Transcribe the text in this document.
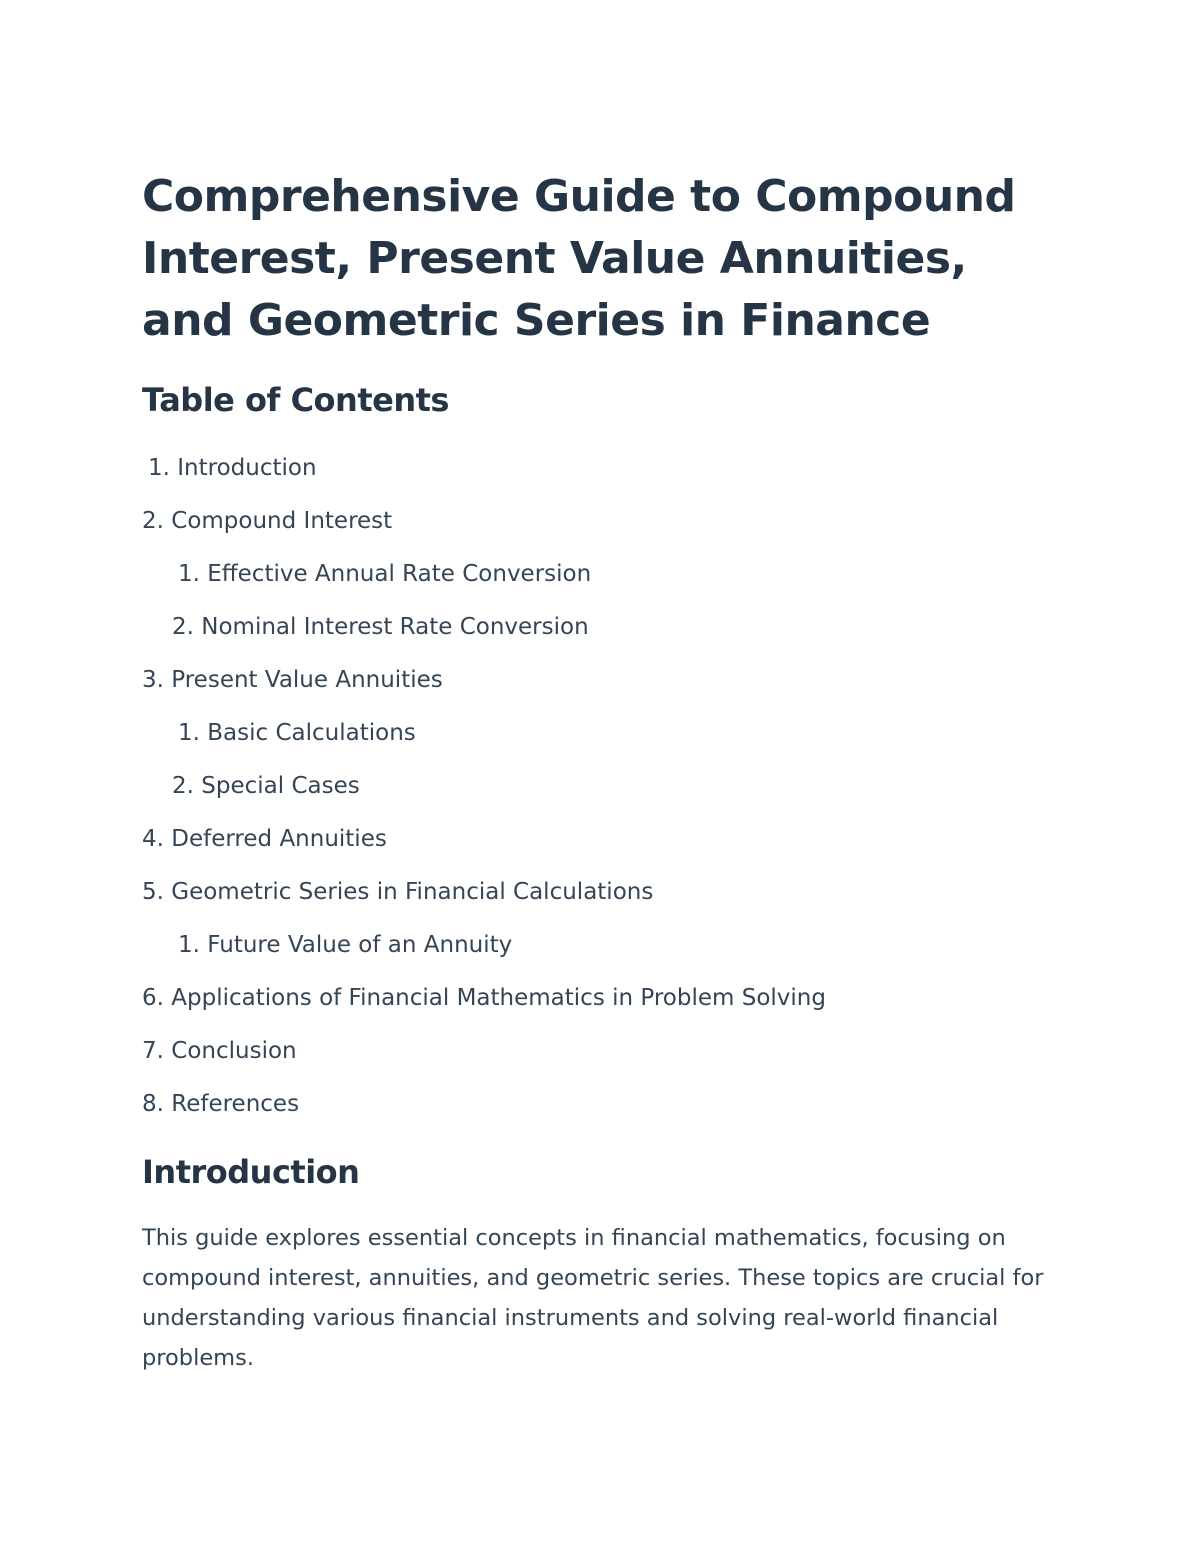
Comprehensive Guide to Compound Interest, Present Value Annuities, and Geometric Series in Finance
Table of Contents
1. Introduction
2. Compound Interest
1. Effective Annual Rate Conversion
2. Nominal Interest Rate Conversion
3. Present Value Annuities
1. Basic Calculations
2. Special Cases
4. Deferred Annuities
5. Geometric Series in Financial Calculations
1. Future Value of an Annuity
6. Applications of Financial Mathematics in Problem Solving
7. Conclusion
8. References
Introduction

This guide explores essential concepts in financial mathematics, focusing on compound interest, annuities, and geometric series. These topics are crucial for understanding various financial instruments and solving real-world financial problems.
